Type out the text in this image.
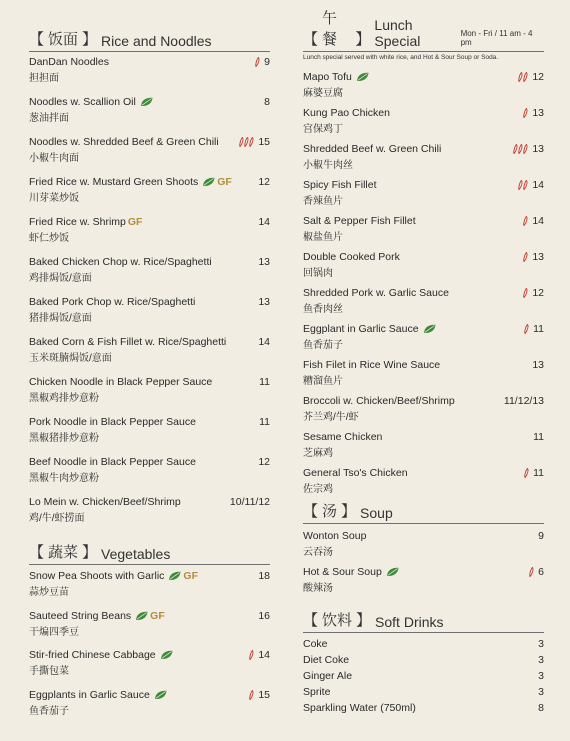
【 饭面 】 Rice and Noodles
DanDan Noodles
担担面
9
Noodles w. Scallion Oil
葱油拌面
8
Noodles w. Shredded Beef & Green Chili
小椒牛肉面
15
Fried Rice w. Mustard Green Shoots GF
川芽菜炒饭
12
Fried Rice w. Shrimp GF
虾仁炒饭
14
Baked Chicken Chop w. Rice/Spaghetti
鸡排焗饭/意面
13
Baked Pork Chop w. Rice/Spaghetti
猪排焗饭/意面
13
Baked Corn & Fish Fillet w. Rice/Spaghetti
玉米斑腩焗饭/意面
14
Chicken Noodle in Black Pepper Sauce
黑椒鸡排炒意粉
11
Pork Noodle in Black Pepper Sauce
黑椒猪排炒意粉
11
Beef Noodle in Black Pepper Sauce
黑椒牛肉炒意粉
12
Lo Mein w. Chicken/Beef/Shrimp
鸡/牛/虾捞面
10/11/12
【 蔬菜 】 Vegetables
Snow Pea Shoots with Garlic GF
蒜炒豆苗
18
Sauteed String Beans GF
干煸四季豆
16
Stir-fried Chinese Cabbage
手撕包菜
14
Eggplants in Garlic Sauce
鱼香茄子
15
【
午餐	】
Lunch Special	Mon - Fri / 11 am - 4 pm
Lunch special served with white rice, and Hot & Sour Soup or Soda.
Mapo Tofu
麻婆豆腐
12
Kung Pao Chicken
宫保鸡丁
13
Shredded Beef w. Green Chili
小椒牛肉丝
13
Spicy Fish Fillet
香辣鱼片
14
Salt & Pepper Fish Fillet
椒盐鱼片
14
Double Cooked Pork
回锅肉
13
Shredded Pork w. Garlic Sauce
鱼香肉丝
12
Eggplant in Garlic Sauce
鱼香茄子
11
Fish Filet in Rice Wine Sauce
糟溜鱼片
13
Broccoli w. Chicken/Beef/Shrimp
芥兰鸡/牛/虾
11/12/13
Sesame Chicken
芝麻鸡
11
General Tso's Chicken
佐宗鸡
11
【 汤 】 Soup
Wonton Soup
云吞汤
9
Hot & Sour Soup
酸辣汤
6
【 饮料 】 Soft Drinks
Coke	3
Diet Coke	3
Ginger Ale	3
Sprite	3
Sparkling Water (750ml)	8
